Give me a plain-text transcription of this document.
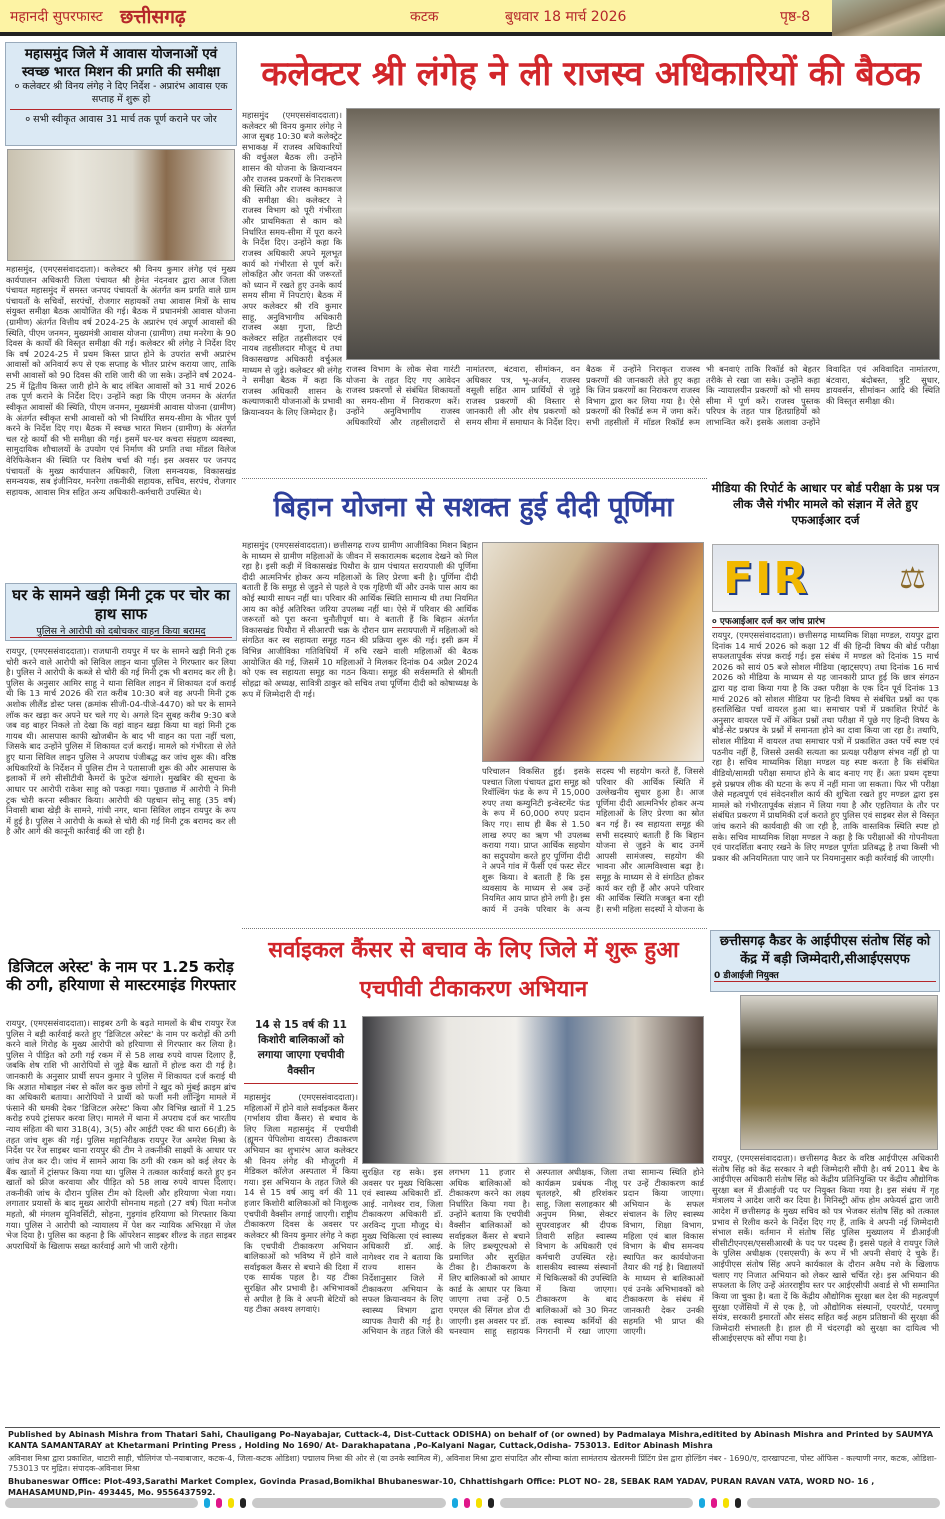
महानदी सुपरफास्ट छत्तीसगढ़	कटक	बुधवार 18 मार्च 2026	पृष्ठ-8
महासमुंद जिले में आवास योजनाओं एवं स्वच्छ भारत मिशन की प्रगति की समीक्षा
० कलेक्टर श्री विनय लंगेह ने दिए निर्देश - अप्रारंभ आवास एक सप्ताह में शुरू हो
० सभी स्वीकृत आवास 31 मार्च तक पूर्ण कराने पर जोर
महासमुंद, (एमएससंवाददाता)। कलेक्टर श्री विनय कुमार लंगेह एवं मुख्य कार्यपालन अधिकारी जिला पंचायत श्री हेमंत नंदनवार द्वारा आज जिला पंचायत महासमुंद में समस्त जनपद पंचायतों के अंतर्गत कम प्रगति वाले ग्राम पंचायतों के सचिवों, सरपंचों, रोजगार सहायकों तथा आवास मित्रों के साथ संयुक्त समीक्षा बैठक आयोजित की गई। बैठक में प्रधानमंत्री आवास योजना (ग्रामीण) अंतर्गत वित्तीय वर्ष 2024-25 के अप्रारंभ एवं अपूर्ण आवासों की स्थिति, पीएम जनमन, मुख्यमंत्री आवास योजना (ग्रामीण) तथा मनरेगा के 90 दिवस के कार्यों की विस्तृत समीक्षा की गई। कलेक्टर श्री लंगेह ने निर्देश दिए कि वर्ष 2024-25 में प्रथम किस्त प्राप्त होने के उपरांत सभी अप्रारंभ आवासों को अनिवार्य रूप से एक सप्ताह के भीतर प्रारंभ कराया जाए, ताकि सभी आवासों को 90 दिवस की राशि जारी की जा सके। उन्होंने वर्ष 2024-25 में द्वितीय किस्त जारी होने के बाद लंबित आवासों को 31 मार्च 2026 तक पूर्ण कराने के निर्देश दिए। उन्होंने कहा कि पीएम जनमन के अंतर्गत स्वीकृत आवासों की स्थिति, पीएम जनमन, मुख्यमंत्री आवास योजना (ग्रामीण) के अंतर्गत स्वीकृत सभी आवासों को भी निर्धारित समय-सीमा के भीतर पूर्ण करने के निर्देश दिए गए। बैठक में स्वच्छ भारत मिशन (ग्रामीण) के अंतर्गत चल रहे कार्यों की भी समीक्षा की गई। इसमें घर-घर कचरा संग्रहण व्यवस्था, सामुदायिक शौचालयों के उपयोग एवं निर्माण की प्रगति तथा मॉडल विलेज वेरिफिकेशन की स्थिति पर विशेष चर्चा की गई। इस अवसर पर जनपद पंचायतों के मुख्य कार्यपालन अधिकारी, जिला समन्वयक, विकासखंड समन्वयक, सब इंजीनियर, मनरेगा तकनीकी सहायक, सचिव, सरपंच, रोजगार सहायक, आवास मित्र सहित अन्य अधिकारी-कर्मचारी उपस्थित थे।
घर के सामने खड़ी मिनी ट्रक पर चोर का हाथ साफ
पुलिस ने आरोपी को दबोचकर वाहन किया बरामद
रायपुर, (एमएससंवाददाता)। राजधानी रायपुर में घर के सामने खड़ी मिनी ट्रक चोरी करने वाले आरोपी को सिविल लाइन थाना पुलिस ने गिरफ्तार कर लिया है। पुलिस ने आरोपी के कब्जे से चोरी की गई मिनी ट्रक भी बरामद कर ली है। पुलिस के अनुसार आमिर साहू ने थाना सिविल लाइन में शिकायत दर्ज कराई थी कि 13 मार्च 2026 की रात करीब 10:30 बजे वह अपनी मिनी ट्रक अशोक लीलैंड डोस्ट प्लस (क्रमांक सीजी-04-पीजे-4470) को घर के सामने लॉक कर खड़ा कर अपने घर चले गए थे। अगले दिन सुबह करीब 9:30 बजे जब वह बाहर निकले तो देखा कि वहां वाहन खड़ा किया था वहां मिनी ट्रक गायब थी। आसपास काफी खोजबीन के बाद भी वाहन का पता नहीं चला, जिसके बाद उन्होंने पुलिस में शिकायत दर्ज कराई। मामले को गंभीरता से लेते हुए थाना सिविल लाइन पुलिस ने अपराध पंजीबद्ध कर जांच शुरू की। वरिष्ठ अधिकारियों के निर्देशन में पुलिस टीम ने पतासाजी शुरू की और आसपास के इलाकों में लगे सीसीटीवी कैमरों के फुटेज खंगाले। मुखबिर की सूचना के आधार पर आरोपी राकेश साहू को पकड़ा गया। पूछताछ में आरोपी ने मिनी ट्रक चोरी करना स्वीकार किया। आरोपी की पहचान सोनू साहू (35 वर्ष) निवासी बाबा खेड़ी के सामने, गांधी नगर, थाना सिविल लाइन रायपुर के रूप में हुई है। पुलिस ने आरोपी के कब्जे से चोरी की गई मिनी ट्रक बरामद कर ली है और आगे की कानूनी कार्रवाई की जा रही है।
डिजिटल अरेस्ट' के नाम पर 1.25 करोड़ की ठगी, हरियाणा से मास्टरमाइंड गिरफ्तार
रायपुर, (एमएससंवाददाता)। साइबर ठगी के बढ़ते मामलों के बीच रायपुर रेंज पुलिस ने बड़ी कार्रवाई करते हुए 'डिजिटल अरेस्ट' के नाम पर करोड़ों की ठगी करने वाले गिरोह के मुख्य आरोपी को हरियाणा से गिरफ्तार कर लिया है। पुलिस ने पीड़ित को ठगी गई रकम में से 58 लाख रुपये वापस दिलाए हैं, जबकि शेष राशि भी आरोपियों से जुड़े बैंक खातों में होल्ड करा दी गई है। जानकारी के अनुसार प्रार्थी सपन कुमार ने पुलिस में शिकायत दर्ज कराई थी कि अज्ञात मोबाइल नंबर से कॉल कर कुछ लोगों ने खुद को मुंबई क्राइम ब्रांच का अधिकारी बताया। आरोपियों ने प्रार्थी को फर्जी मनी लॉन्ड्रिंग मामले में फंसाने की धमकी देकर 'डिजिटल अरेस्ट' किया और विभिन्न खातों में 1.25 करोड़ रुपये ट्रांसफर करवा लिए। मामले में थाना में अपराध दर्ज कर भारतीय न्याय संहिता की धारा 318(4), 3(5) और आईटी एक्ट की धारा 66(डी) के तहत जांच शुरू की गई। पुलिस महानिरीक्षक रायपुर रेंज अमरेश मिश्रा के निर्देश पर रेंज साइबर थाना रायपुर की टीम ने तकनीकी साक्ष्यों के आधार पर जांच तेज कर दी। जांच में सामने आया कि ठगी की रकम को कई लेयर के बैंक खातों में ट्रांसफर किया गया था। पुलिस ने तत्काल कार्रवाई करते हुए इन खातों को फ्रीज करवाया और पीड़ित को 58 लाख रुपये वापस दिलाए। तकनीकी जांच के दौरान पुलिस टीम को दिल्ली और हरियाणा भेजा गया। लगातार प्रयासों के बाद मुख्य आरोपी सोमनाथ महतो (27 वर्ष) पिता मनोज महतो, श्री मंगलम यूनिवर्सिटी, सोहना, गुड़गांव हरियाणा को गिरफ्तार किया गया। पुलिस ने आरोपी को न्यायालय में पेश कर न्यायिक अभिरक्षा में जेल भेज दिया है। पुलिस का कहना है कि ऑपरेशन साइबर शील्ड के तहत साइबर अपराधियों के खिलाफ सख्त कार्रवाई आगे भी जारी रहेगी।
कलेक्टर श्री लंगेह ने ली राजस्व अधिकारियों की बैठक
महासमुंद (एमएससंवाददाता)। कलेक्टर श्री विनय कुमार लंगेह ने आज सुबह 10:30 बजे कलेक्ट्रेट सभाकक्ष में राजस्व अधिकारियों की वर्चुअल बैठक ली। उन्होंने शासन की योजना के क्रियान्वयन और राजस्व प्रकरणों के निराकरण की स्थिति और राजस्व कामकाज की समीक्षा की। कलेक्टर ने राजस्व विभाग को पूरी गंभीरता और प्राथमिकता से काम को निर्धारित समय-सीमा में पूरा करने के निर्देश दिए। उन्होंने कहा कि राजस्व अधिकारी अपने मूलभूत कार्य को गंभीरता से पूर्ण करें। लोकहित और जनता की जरूरतों को ध्यान में रखते हुए उनके कार्य समय सीमा में निपटाएं। बैठक में अपर कलेक्टर श्री रवि कुमार साहू, अनुविभागीय अधिकारी राजस्व अक्षा गुप्ता, डिप्टी कलेक्टर सहित तहसीलदार एवं नायब तहसीलदार मौजूद थे तथा विकासखण्ड अधिकारी वर्चुअल माध्यम से जुड़े। कलेक्टर श्री लंगेह ने समीक्षा बैठक में कहा कि राजस्व अधिकारी शासन के कल्याणकारी योजनाओं के प्रभावी क्रियान्वयन के लिए जिम्मेदार हैं।
राजस्व विभाग के लोक सेवा गारंटी योजना के तहत दिए गए आवेदन राजस्व प्रकरणों से संबंधित शिकायतों का समय-सीमा में निराकरण करें। उन्होंने अनुविभागीय राजस्व अधिकारियों और तहसीलदारों से नामांतरण, बंटवारा, सीमांकन, वन अधिकार पत्र, भू-अर्जन, राजस्व वसूली सहित आम प्रार्थियों से जुड़े राजस्व प्रकरणों की विस्तार से जानकारी ली और शेष प्रकरणों को समय सीमा में समाधान के निर्देश दिए। बैठक में उन्होंने निराकृत राजस्व प्रकरणों की जानकारी लेते हुए कहा कि जिन प्रकरणों का निराकरण राजस्व विभाग द्वारा कर लिया गया है। ऐसे प्रकरणों की रिकॉर्ड रूम में जमा करें। सभी तहसीलों में मॉडल रिकॉर्ड रूम भी बनवाएं ताकि रिकॉर्ड को बेहतर तरीके से रखा जा सके। उन्होंने कहा कि न्यायालयीन प्रकरणों को भी समय सीमा में पूर्ण करें। राजस्व पुस्तक परिपत्र के तहत पात्र हितग्राहियों को लाभान्वित करें। इसके अलावा उन्होंने विवादित एवं अविवादित नामांतरण, बंटवारा, बंदोबस्त, त्रुटि सुधार, डायवर्सन, सीमांकन आदि की स्थिति की विस्तृत समीक्षा की।
बिहान योजना से सशक्त हुई दीदी पूर्णिमा
महासमुंद (एमएससंवाददाता)। छत्तीसगढ़ राज्य ग्रामीण आजीविका मिशन बिहान के माध्यम से ग्रामीण महिलाओं के जीवन में सकारात्मक बदलाव देखने को मिल रहा है। इसी कड़ी में विकासखंड पिथौरा के ग्राम पंचायत सरायपाली की पूर्णिमा दीदी आत्मनिर्भर होकर अन्य महिलाओं के लिए प्रेरणा बनी है। पूर्णिमा दीदी बताती हैं कि समूह से जुड़ने से पहले वे एक गृहिणी थीं और उनके पास आय का कोई स्थायी साधन नहीं था। परिवार की आर्थिक स्थिति सामान्य थी तथा नियमित आय का कोई अतिरिक्त जरिया उपलब्ध नहीं था। ऐसे में परिवार की आर्थिक जरूरतों को पूरा करना चुनौतीपूर्ण था। वे बताती हैं कि बिहान अंतर्गत विकासखंड पिथौरा में सीआरपी चक्र के दौरान ग्राम सरायपाली में महिलाओं को संगठित कर स्व सहायता समूह गठन की प्रक्रिया शुरू की गई। इसी क्रम में विभिन्न आजीविका गतिविधियों में रुचि रखने वाली महिलाओं की बैठक आयोजित की गई, जिसमें 10 महिलाओं ने मिलकर दिनांक 04 अप्रैल 2024 को एक स्व सहायता समूह का गठन किया। समूह की सर्वसम्मति से श्रीमती सोहद्रा को अध्यक्ष, सावित्री ठाकुर को सचिव तथा पूर्णिमा दीदी को कोषाध्यक्ष के रूप में जिम्मेदारी दी गई।
परिचालन विकसित हुई। इसके पश्चात जिला पंचायत द्वारा समूह को रिवॉल्विंग फंड के रूप में 15,000 रुपए तथा कम्युनिटी इन्वेस्टमेंट फंड के रूप में 60,000 रुपए प्रदान किए गए। साथ ही बैंक से 1.50 लाख रुपए का ऋण भी उपलब्ध कराया गया। प्राप्त आर्थिक सहयोग का सदुपयोग करते हुए पूर्णिमा दीदी ने अपने गांव में फैंसी एवं फस्ट सेंटर शुरू किया। वे बताती हैं कि इस व्यवसाय के माध्यम से अब उन्हें नियमित आय प्राप्त होने लगी है। इस कार्य में उनके परिवार के अन्य सदस्य भी सहयोग करते हैं, जिससे परिवार की आर्थिक स्थिति में उल्लेखनीय सुधार हुआ है। आज पूर्णिमा दीदी आत्मनिर्भर होकर अन्य महिलाओं के लिए प्रेरणा का स्रोत बन गई हैं। स्व सहायता समूह की सभी सदस्याएं बताती हैं कि बिहान योजना से जुड़ने के बाद उनमें आपसी सामंजस्य, सहयोग की भावना और आत्मविश्वास बढ़ा है। समूह के माध्यम से वे संगठित होकर कार्य कर रही हैं और अपने परिवार की आर्थिक स्थिति मजबूत बना रही हैं। सभी महिला सदस्यों ने योजना के
मीडिया की रिपोर्ट के आधार पर बोर्ड परीक्षा के प्रश्न पत्र लीक जैसे गंभीर मामले को संज्ञान में लेते हुए एफआईआर दर्ज
FIR	⚖
० एफआईआर दर्ज कर जांच प्रारंभ
रायपुर, (एमएससंवाददाता)। छत्तीसगढ़ माध्यमिक शिक्षा मण्डल, रायपुर द्वारा दिनांक 14 मार्च 2026 को कक्षा 12 वीं की हिन्दी विषय की बोर्ड परीक्षा सफलतापूर्वक संपन्न कराई गई। इस संबंध में मण्डल को दिनांक 15 मार्च 2026 को सायं 05 बजे सोशल मीडिया (व्हाट्सएप) तथा दिनांक 16 मार्च 2026 को मीडिया के माध्यम से यह जानकारी प्राप्त हुई कि छात्र संगठन द्वारा यह दावा किया गया है कि उक्त परीक्षा के एक दिन पूर्व दिनांक 13 मार्च 2026 को सोशल मीडिया पर हिन्दी विषय से संबंधित प्रश्नों का एक हस्तलिखित पर्चा वायरल हुआ था। समाचार पत्रों में प्रकाशित रिपोर्ट के अनुसार वायरल पर्चे में अंकित प्रश्नों तथा परीक्षा में पूछे गए हिन्दी विषय के बोर्ड-सेट प्रश्नपत्र के प्रश्नों में समानता होने का दावा किया जा रहा है। तथापि, सोशल मीडिया में वायरल तथा समाचार पत्रों में प्रकाशित उक्त पर्चे स्पष्ट एवं पठनीय नहीं हैं, जिससे उसकी सत्यता का प्रत्यक्ष परीक्षण संभव नहीं हो पा रहा है। सचिव माध्यमिक शिक्षा मण्डल यह स्पष्ट करता है कि संबंधित वीडियो/सामग्री परीक्षा समाप्त होने के बाद बनाए गए हैं। अतः प्रथम दृष्टया इसे प्रश्नपत्र लीक की घटना के रूप में नहीं माना जा सकता। फिर भी परीक्षा जैसे महत्वपूर्ण एवं संवेदनशील कार्य की शुचिता रखते हुए मण्डल द्वारा इस मामले को गंभीरतापूर्वक संज्ञान में लिया गया है और एहतियात के तौर पर संबंधित प्रकरण में प्राथमिकी दर्ज कराते हुए पुलिस एवं साइबर सेल से विस्तृत जांच कराने की कार्यवाही की जा रही है, ताकि वास्तविक स्थिति स्पष्ट हो सके। सचिव माध्यमिक शिक्षा मण्डल ने कहा है कि परीक्षाओं की गोपनीयता एवं पारदर्शिता बनाए रखने के लिए मण्डल पूर्णतः प्रतिबद्ध है तथा किसी भी प्रकार की अनियमितता पाए जाने पर नियमानुसार कड़ी कार्रवाई की जाएगी।
सर्वाइकल कैंसर से बचाव के लिए जिले में शुरू हुआ एचपीवी टीकाकरण अभियान
14 से 15 वर्ष की 11 किशोरी बालिकाओं को लगाया जाएगा एचपीवी वैक्सीन
महासमुंद (एमएससंवाददाता)। महिलाओं में होने वाले सर्वाइकल कैंसर (गर्भाशय ग्रीवा कैंसर) से बचाव के लिए जिला महासमुंद में एचपीवी (ह्यूमन पेपिलोमा वायरस) टीकाकरण अभियान का शुभारंभ आज कलेक्टर श्री विनय लंगेह की मौजूदगी में मेडिकल कॉलेज अस्पताल में किया गया। इस अभियान के तहत जिले की 14 से 15 वर्ष आयु वर्ग की 11 हजार किशोरी बालिकाओं को निःशुल्क एचपीवी वैक्सीन लगाई जाएगी। राष्ट्रीय टीकाकरण दिवस के अवसर पर कलेक्टर श्री विनय कुमार लंगेह ने कहा कि एचपीवी टीकाकरण अभियान बालिकाओं को भविष्य में होने वाले सर्वाइकल कैंसर से बचाने की दिशा में एक सार्थक पहल है। यह टीका सुरक्षित और प्रभावी है। अभिभावकों से अपील है कि वे अपनी बेटियों को यह टीका अवश्य लगवाएं।
सुरक्षित रह सके। इस अवसर पर मुख्य चिकित्सा एवं स्वास्थ्य अधिकारी डॉ. आई. नागेश्वर राव, जिला टीकाकरण अधिकारी डॉ. अरविन्द गुप्ता मौजूद थे। मुख्य चिकित्सा एवं स्वास्थ्य अधिकारी डॉ. आई. नागेश्वर राव ने बताया कि राज्य शासन के निर्देशानुसार जिले में टीकाकरण अभियान के सफल क्रियान्वयन के लिए स्वास्थ्य विभाग द्वारा व्यापक तैयारी की गई है। अभियान के तहत जिले की लगभग 11 हजार से अधिक बालिकाओं को टीकाकरण करने का लक्ष्य निर्धारित किया गया है। उन्होंने बताया कि एचपीवी वैक्सीन बालिकाओं को सर्वाइकल कैंसर से बचाने के लिए डब्ल्यूएचओ से प्रमाणित और सुरक्षित टीका है। टीकाकरण के लिए बालिकाओं को आधार कार्ड के आधार पर किया जाएगा तथा उन्हें 0.5 एमएल की सिंगल डोज दी जाएगी। इस अवसर पर डॉ. धनश्याम साहू सहायक अस्पताल अधीक्षक, जिला कार्यक्रम प्रबंधक नीलू धृतलहरे, श्री हरिशंकर साहू, जिला सलाहकार श्री अनुपम मिश्रा, सेक्टर सुपरवाइजर श्री दीपक तिवारी सहित स्वास्थ्य विभाग के अधिकारी एवं कर्मचारी उपस्थित रहे। शासकीय स्वास्थ्य संस्थानों में चिकित्सकों की उपस्थिति में किया जाएगा। टीकाकरण के बाद बालिकाओं को 30 मिनट तक स्वास्थ्य कर्मियों की निगरानी में रखा जाएगा तथा सामान्य स्थिति होने पर उन्हें टीकाकरण कार्ड प्रदान किया जाएगा। अभियान के सफल संचालन के लिए स्वास्थ्य विभाग, शिक्षा विभाग, महिला एवं बाल विकास विभाग के बीच समन्वय स्थापित कर कार्ययोजना तैयार की गई है। विद्यालयों के माध्यम से बालिकाओं एवं उनके अभिभावकों को टीकाकरण के संबंध में जानकारी देकर उनकी सहमति भी प्राप्त की जाएगी।
छत्तीसगढ़ कैडर के आईपीएस संतोष सिंह को केंद्र में बड़ी जिम्मेदारी,सीआईएसएफ
0 डीआईजी नियुक्त
रायपुर, (एमएससंवाददाता)। छत्तीसगढ़ कैडर के वरिष्ठ आईपीएस अधिकारी संतोष सिंह को केंद्र सरकार ने बड़ी जिम्मेदारी सौंपी है। वर्ष 2011 बैच के आईपीएस अधिकारी संतोष सिंह को केंद्रीय प्रतिनियुक्ति पर केंद्रीय औद्योगिक सुरक्षा बल में डीआईजी पद पर नियुक्त किया गया है। इस संबंध में गृह मंत्रालय ने आदेश जारी कर दिया है। मिनिस्ट्री ऑफ होम अफेयर्स द्वारा जारी आदेश में छत्तीसगढ़ के मुख्य सचिव को पत्र भेजकर संतोष सिंह को तत्काल प्रभाव से रिलीव करने के निर्देश दिए गए हैं, ताकि वे अपनी नई जिम्मेदारी संभाल सकें। वर्तमान में संतोष सिंह पुलिस मुख्यालय में डीआईजी सीसीटीएनएस/एससीआरबी के पद पर पदस्थ हैं। इससे पहले वे रायपुर जिले के पुलिस अधीक्षक (एसएसपी) के रूप में भी अपनी सेवाएं दे चुके हैं। आईपीएस संतोष सिंह अपने कार्यकाल के दौरान अवैध नशे के खिलाफ चलाए गए निजात अभियान को लेकर खासे चर्चित रहे। इस अभियान की सफलता के लिए उन्हें अंतरराष्ट्रीय स्तर पर आईएसीपी अवार्ड से भी सम्मानित किया जा चुका है। बता दें कि केंद्रीय औद्योगिक सुरक्षा बल देश की महत्वपूर्ण सुरक्षा एजेंसियों में से एक है, जो औद्योगिक संस्थानों, एयरपोर्ट, परमाणु संयंत्र, सरकारी इमारतों और संसद सहित कई अहम प्रतिष्ठानों की सुरक्षा की जिम्मेदारी संभालती है। हाल ही में चंदरगढ़ी को सुरक्षा का दायित्व भी सीआईएसएफ को सौंपा गया है।
Published by Abinash Mishra from Thatari Sahi, Chauligang Po-Nayabajar, Cuttack-4, Dist-Cuttack ODISHA) on behalf of (or owned) by Padmalaya Mishra,editited by Abinash Mishra and Printed by SAUMYA KANTA SAMANTARAY at Khetarmani Printing Press , Holding No 1690/ At- Darakhapatana ,Po-Kalyani Nagar, Cuttack,Odisha- 753013. Editor Abinash Mishra
अविनाश मिश्रा द्वारा प्रकाशित, थाटारी साही, चौलिगंज पो-नयाबाजार, कटक-4, जिला-कटक ओडिशा) पद्मालय मिश्रा की ओर से (या उनके स्वामित्व में), अविनाश मिश्रा द्वारा संपादित और सौम्या कांता सामंतराय खेतरमनी प्रिंटिंग प्रेस द्वारा होल्डिंग नंबर - 1690/ए, दारखापटना, पोस्ट ऑफिस - कल्याणी नगर, कटक, ओडिशा- 753013 पर मुद्रित। संपादक-अविनाश मिश्रा
Bhubaneswar Office: Plot-493,Sarathi Market Complex, Govinda Prasad,Bomikhal Bhubaneswar-10, Chhattishgarh Office: PLOT NO- 28, SEBAK RAM YADAV, PURAN RAVAN VATA, WORD NO- 16 , MAHASAMUND,Pin- 493445, Mo. 9556437592.
